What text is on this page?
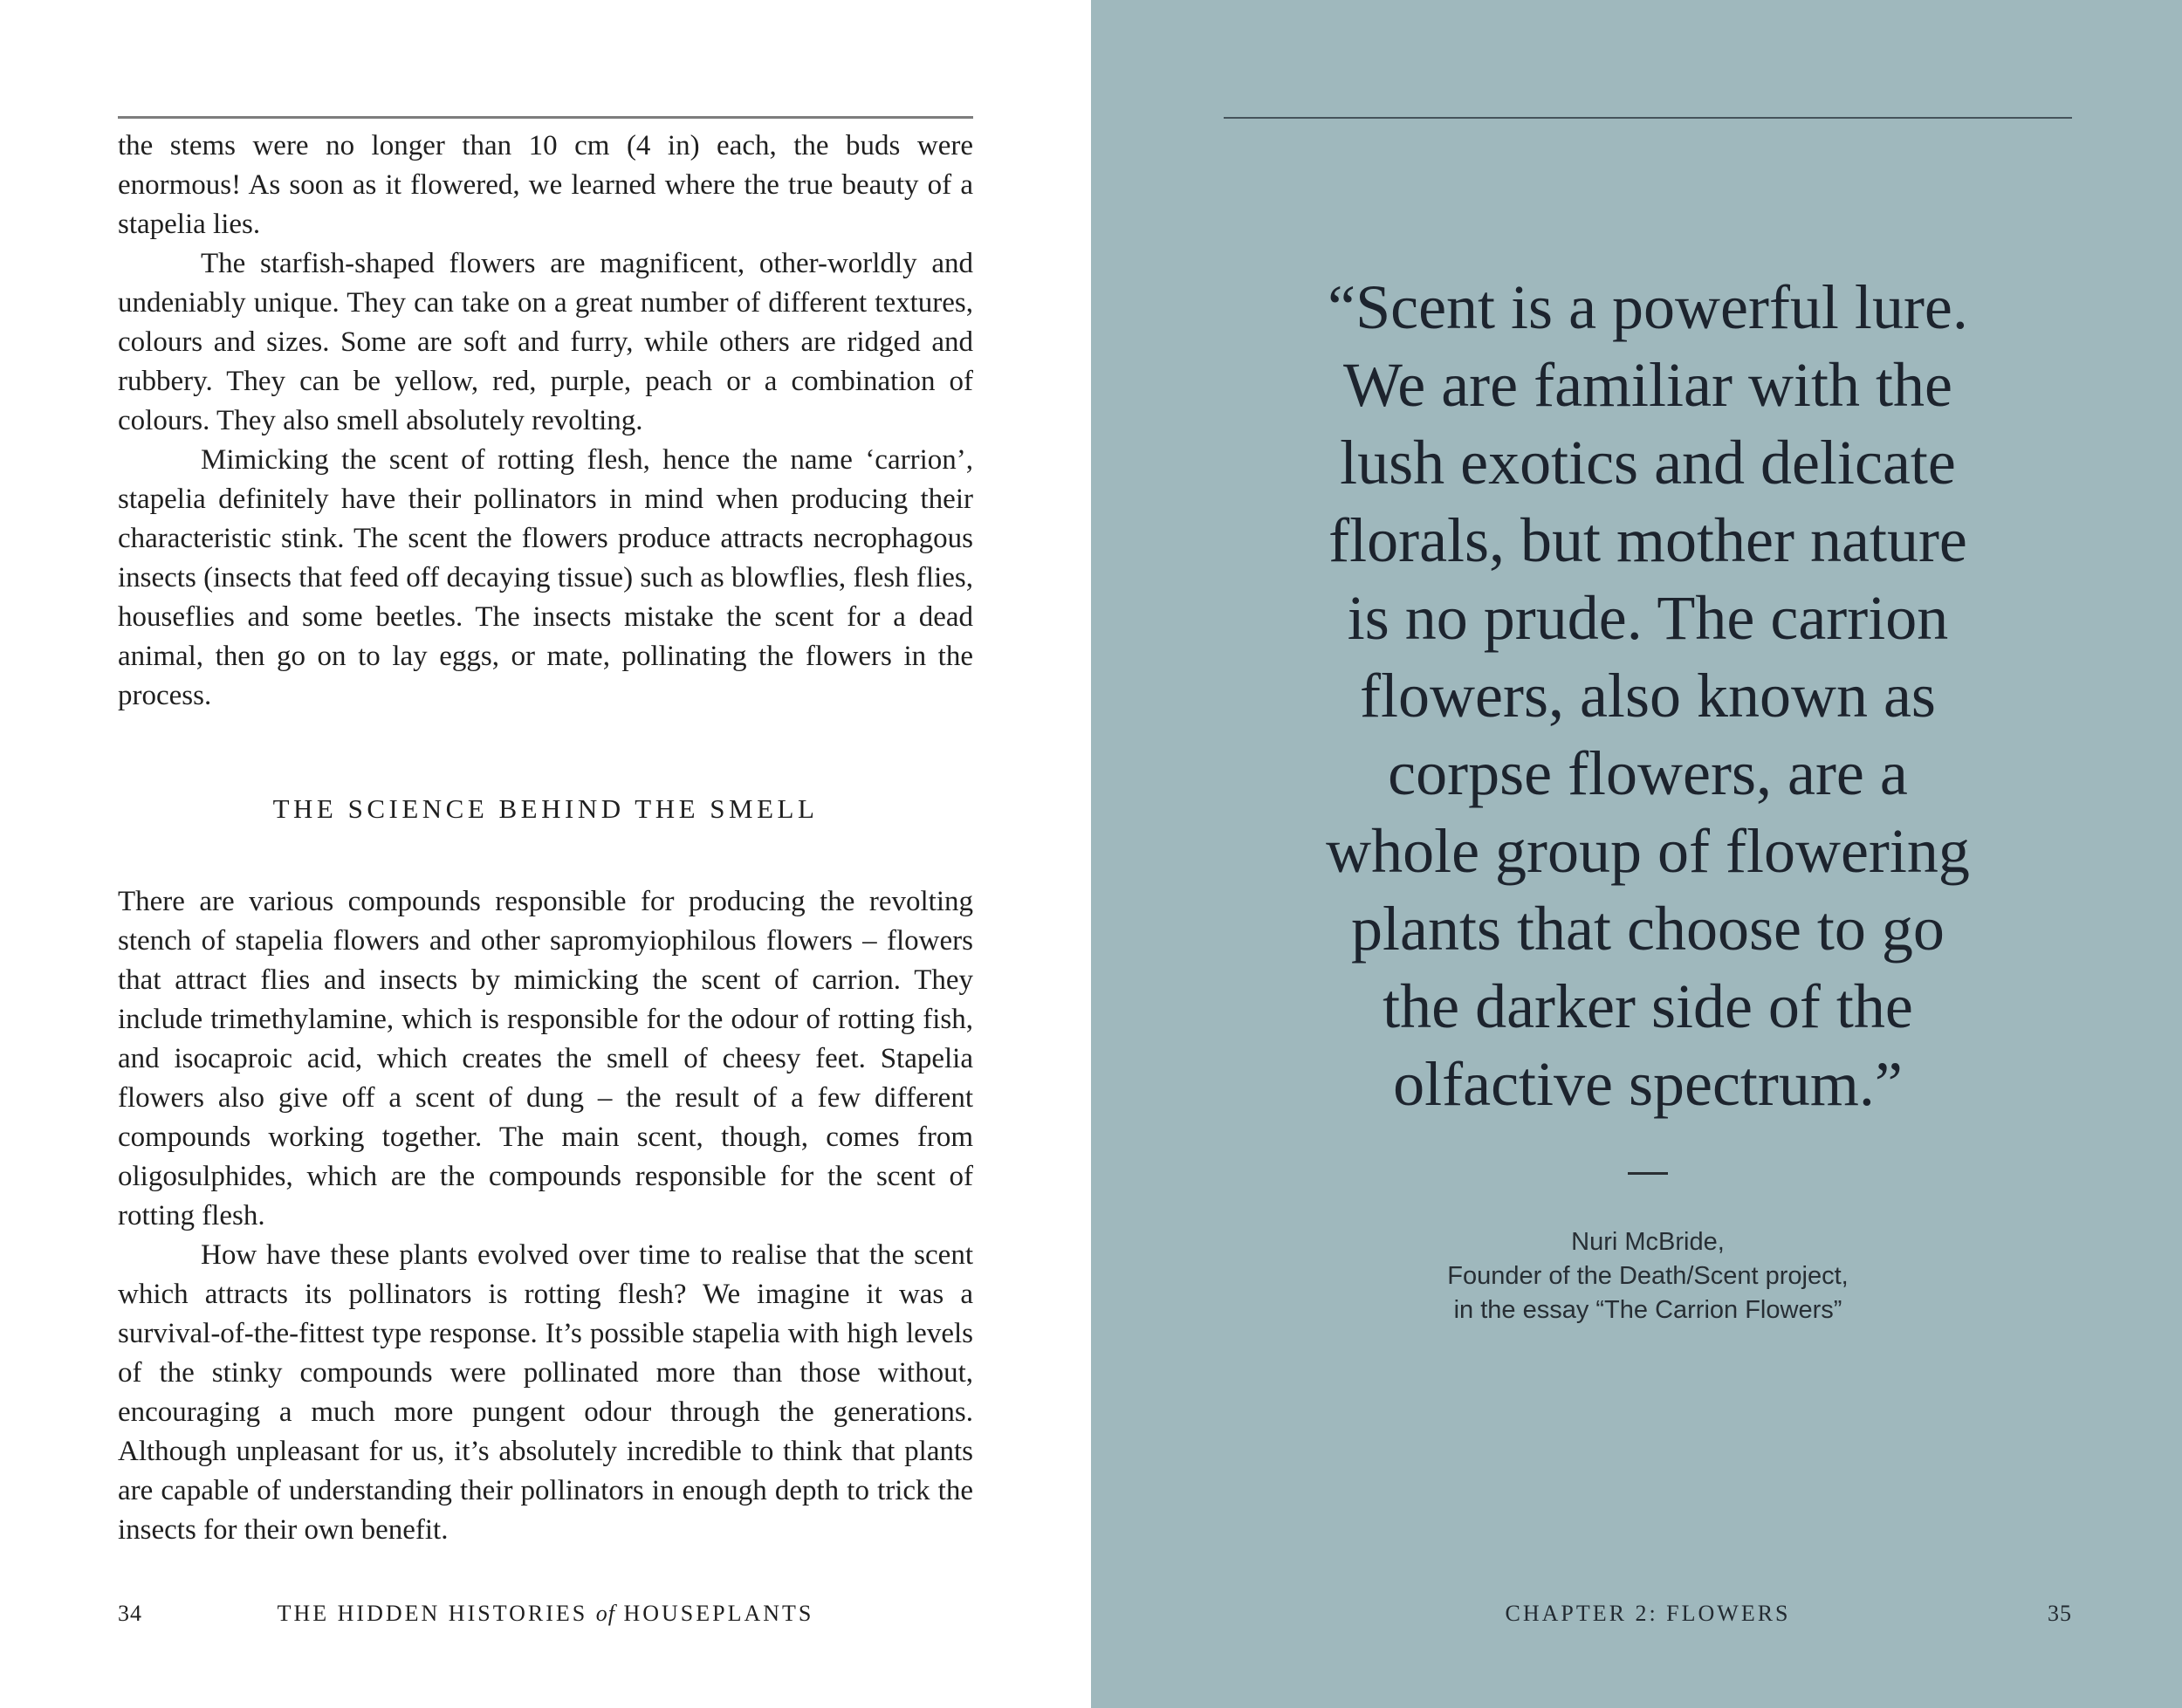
the stems were no longer than 10 cm (4 in) each, the buds were enormous! As soon as it flowered, we learned where the true beauty of a stapelia lies.

The starfish-shaped flowers are magnificent, other-worldly and undeniably unique. They can take on a great number of different textures, colours and sizes. Some are soft and furry, while others are ridged and rubbery. They can be yellow, red, purple, peach or a combination of colours. They also smell absolutely revolting.

Mimicking the scent of rotting flesh, hence the name ‘carrion’, stapelia definitely have their pollinators in mind when producing their characteristic stink. The scent the flowers produce attracts necrophagous insects (insects that feed off decaying tissue) such as blowflies, flesh flies, houseflies and some beetles. The insects mistake the scent for a dead animal, then go on to lay eggs, or mate, pollinating the flowers in the process.

THE SCIENCE BEHIND THE SMELL

There are various compounds responsible for producing the revolting stench of stapelia flowers and other sapromyiophilous flowers – flowers that attract flies and insects by mimicking the scent of carrion. They include trimethylamine, which is responsible for the odour of rotting fish, and isocaproic acid, which creates the smell of cheesy feet. Stapelia flowers also give off a scent of dung – the result of a few different compounds working together. The main scent, though, comes from oligosulphides, which are the compounds responsible for the scent of rotting flesh.

How have these plants evolved over time to realise that the scent which attracts its pollinators is rotting flesh? We imagine it was a survival-of-the-fittest type response. It’s possible stapelia with high levels of the stinky compounds were pollinated more than those without, encouraging a much more pungent odour through the generations. Although unpleasant for us, it’s absolutely incredible to think that plants are capable of understanding their pollinators in enough depth to trick the insects for their own benefit.

34	THE HIDDEN HISTORIES of HOUSEPLANTS
“Scent is a powerful lure.
We are familiar with the
lush exotics and delicate
florals, but mother nature
is no prude. The carrion
flowers, also known as
corpse flowers, are a
whole group of flowering
plants that choose to go
the darker side of the
olfactive spectrum.”
Nuri McBride,
Founder of the Death/Scent project,
in the essay “The Carrion Flowers”
CHAPTER 2: FLOWERS	35
